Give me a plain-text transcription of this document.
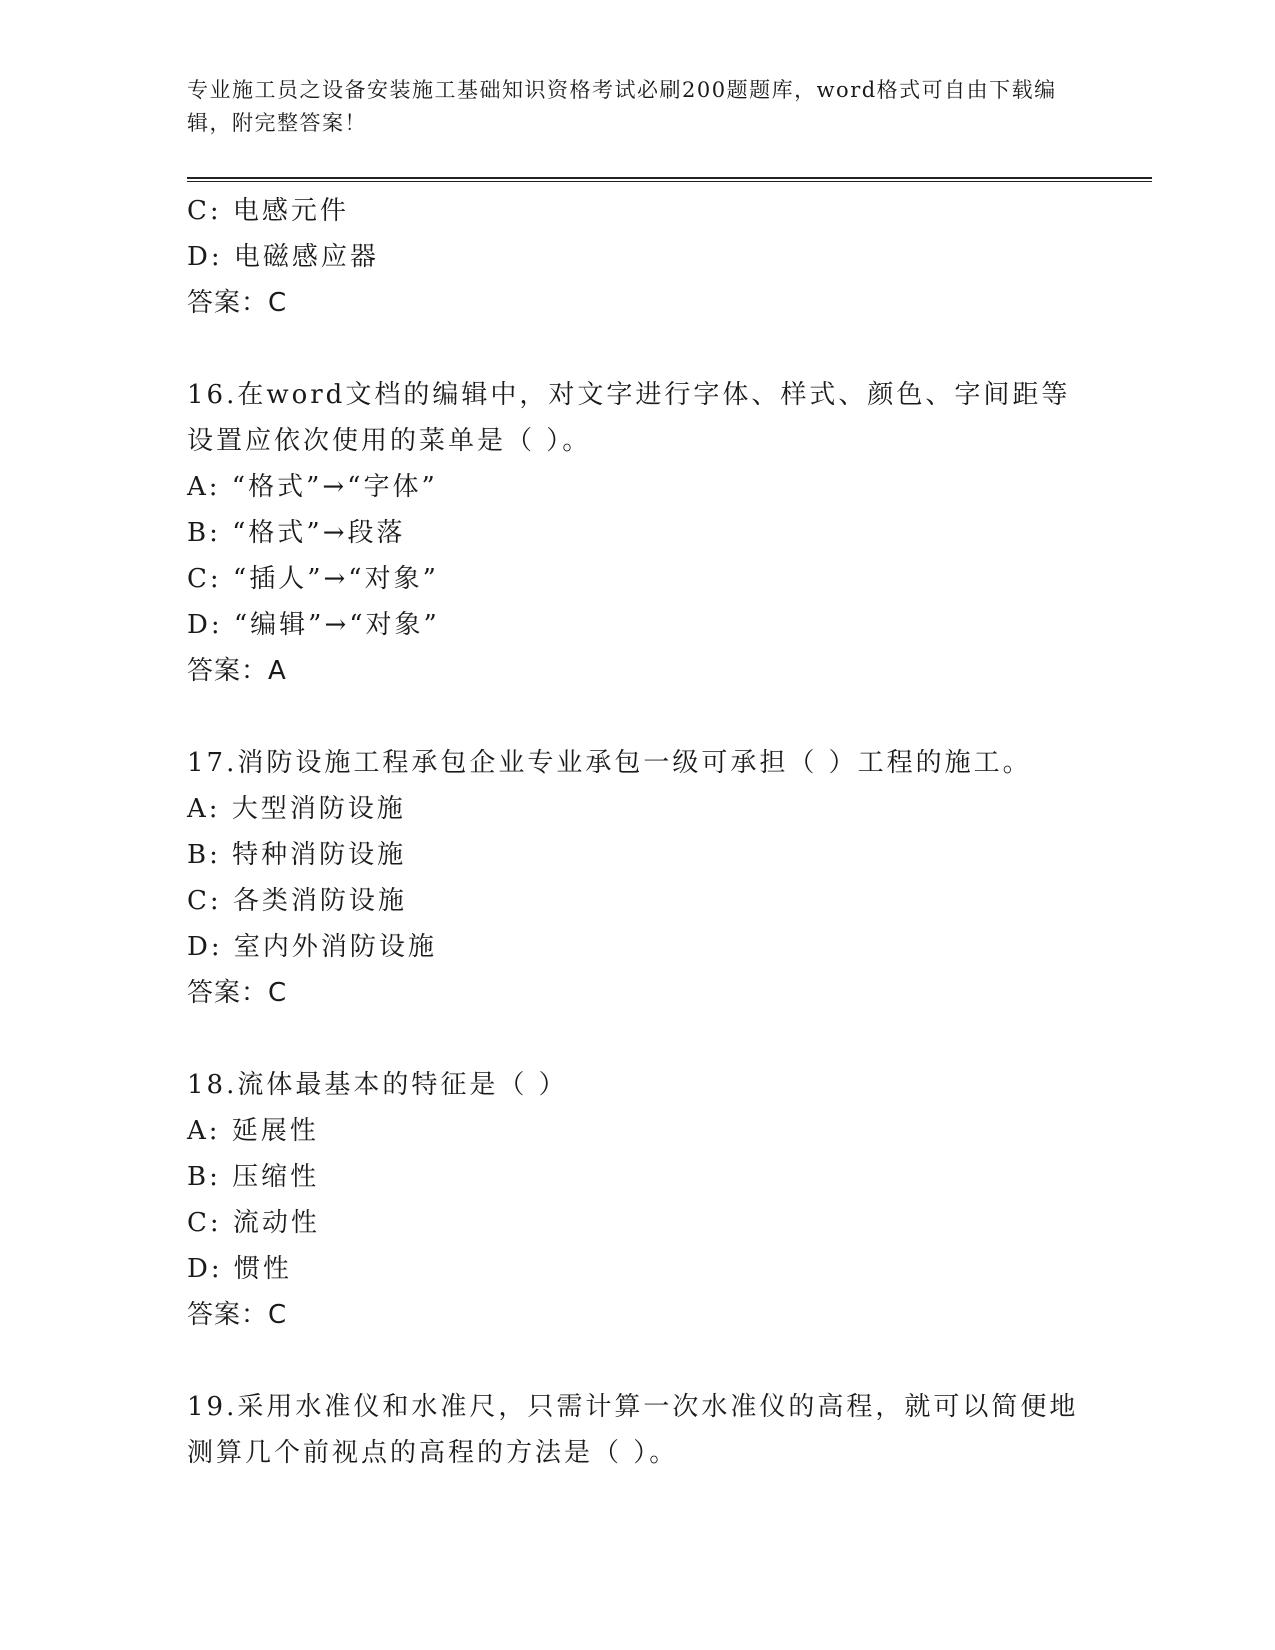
专业施工员之设备安装施工基础知识资格考试必刷200题题库，word格式可自由下载编辑，附完整答案！
C: 电感元件
D: 电磁感应器
答案：C
16.在word文档的编辑中，对文字进行字体、样式、颜色、字间距等设置应依次使用的菜单是（ ）。
A: “格式”→“字体”
B: “格式”→段落
C: “插人”→“对象”
D: “编辑”→“对象”
答案：A
17.消防设施工程承包企业专业承包一级可承担（ ）工程的施工。
A: 大型消防设施
B: 特种消防设施
C: 各类消防设施
D: 室内外消防设施
答案：C
18.流体最基本的特征是（ ）
A: 延展性
B: 压缩性
C: 流动性
D: 惯性
答案：C
19.采用水准仪和水准尺，只需计算一次水准仪的高程，就可以简便地测算几个前视点的高程的方法是（ ）。
